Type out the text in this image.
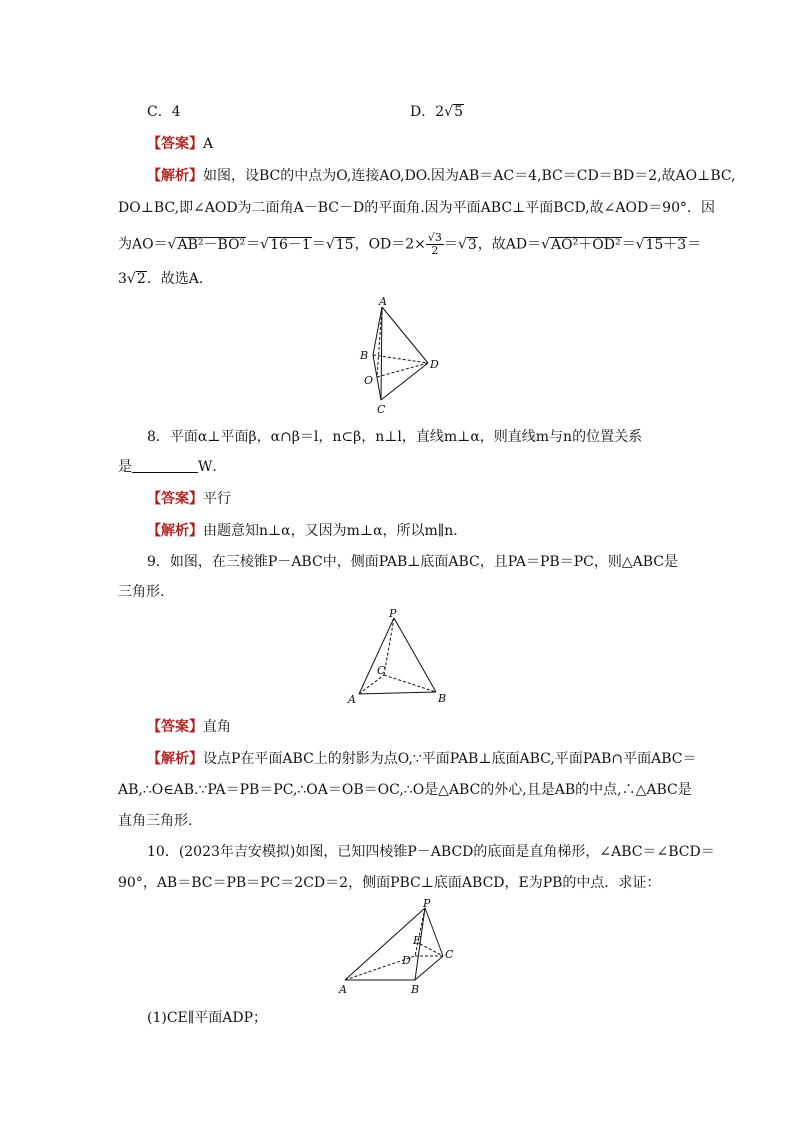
C．4	D．2√5
【答案】A
【解析】如图，设BC的中点为O,连接AO,DO.因为AB＝AC＝4,BC＝CD＝BD＝2,故AO⊥BC,
DO⊥BC,即∠AOD为二面角A－BC－D的平面角.因为平面ABC⊥平面BCD,故∠AOD＝90°．因
为AO＝√AB²－BO²＝√16－1＝√15，$OD=2\times \frac{√3}{2} =√3$，故AD＝√AO²＋OD²＝√15＋3＝
3√2．故选A.
A
B
O
C
D
8．平面α⊥平面β，α∩β＝l，n⊂β，n⊥l，直线m⊥α，则直线m与n的位置关系
是	W．
【答案】平行
【解析】由题意知n⊥α，又因为m⊥α，所以m∥n.
9．如图，在三棱锥P－ABC中，侧面PAB⊥底面ABC，且PA＝PB＝PC，则△ABC是
三角形.
P
C
A	B
【答案】直角
【解析】设点P在平面ABC上的射影为点O,∵平面PAB⊥底面ABC,平面PAB∩平面ABC＝
AB,∴O∈AB.∵PA＝PB＝PC,∴OA＝OB＝OC,∴O是△ABC的外心,且是AB的中点,∴△ABC是
直角三角形.
10．(2023年吉安模拟)如图，已知四棱锥P－ABCD的底面是直角梯形，∠ABC＝∠BCD＝
90°，AB＝BC＝PB＝PC＝2CD＝2，侧面PBC⊥底面ABCD，E为PB的中点．求证：
P
E
D	C
A	B
(1)CE∥平面ADP；
